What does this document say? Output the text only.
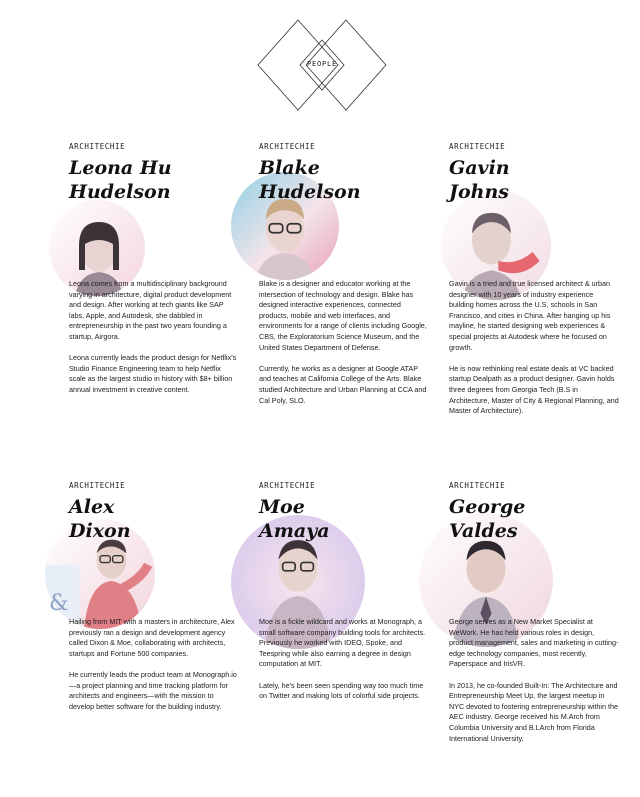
PEOPLE
ARCHITECHIE
Leona Hu
Hudelson

Leona comes from a multidisciplinary background varying in architecture, digital product development and design. After working at tech giants like SAP labs, Apple, and Autodesk, she dabbled in entrepreneurship in the past two years founding a startup, Airgora.

Leona currently leads the product design for Netflix's Studio Finance Engineering team to help Netflix scale as the largest studio in history with $8+ billion annual investment in creative content.

ARCHITECHIE
Blake
Hudelson

Blake is a designer and educator working at the intersection of technology and design. Blake has designed interactive experiences, connected products, mobile and web interfaces, and environments for a range of clients including Google, CBS, the Exploratorium Science Museum, and the United States Department of Defense.

Currently, he works as a designer at Google ATAP and teaches at California College of the Arts. Blake studied Architecture and Urban Planning at CCA and Cal Poly, SLO.

ARCHITECHIE
Gavin
Johns

Gavin is a tried and true licensed architect & urban designer with 10 years of industry experience building homes across the U.S, schools in San Francisco, and cities in China. After hanging up his mayline, he started designing web experiences & special projects at Autodesk where he focused on growth.

He is now rethinking real estate deals at VC backed startup Dealpath as a product designer. Gavin holds three degrees from Georgia Tech (B.S in Architecture, Master of City & Regional Planning, and Master of Architecture).

ARCHITECHIE
Alex
Dixon
&

Hailing from MIT with a masters in architecture, Alex previously ran a design and development agency called Dixon & Moe, collaborating with architects, startups and Fortune 500 companies.

He currently leads the product team at Monograph.io—a project planning and time tracking platform for architects and engineers—with the mission to develop better software for the building industry.

ARCHITECHIE
Moe
Amaya

Moe is a fickle wildcard and works at Monograph, a small software company building tools for architects. Previously he worked with IDEO, Spoke, and Teespring while also earning a degree in design computation at MIT.

Lately, he's been seen spending way too much time on Twitter and making lots of colorful side projects.

ARCHITECHIE
George
Valdes

George serves as a New Market Specialist at WeWork. He has held various roles in design, product management, sales and marketing in cutting-edge technology companies, most recently, Paperspace and IrisVR.

In 2013, he co-founded Built-In: The Architecture and Entrepreneurship Meet Up, the largest meetup in NYC devoted to fostering entrepreneurship within the AEC industry. George received his M.Arch from Columbia University and B.LArch from Florida International University.
